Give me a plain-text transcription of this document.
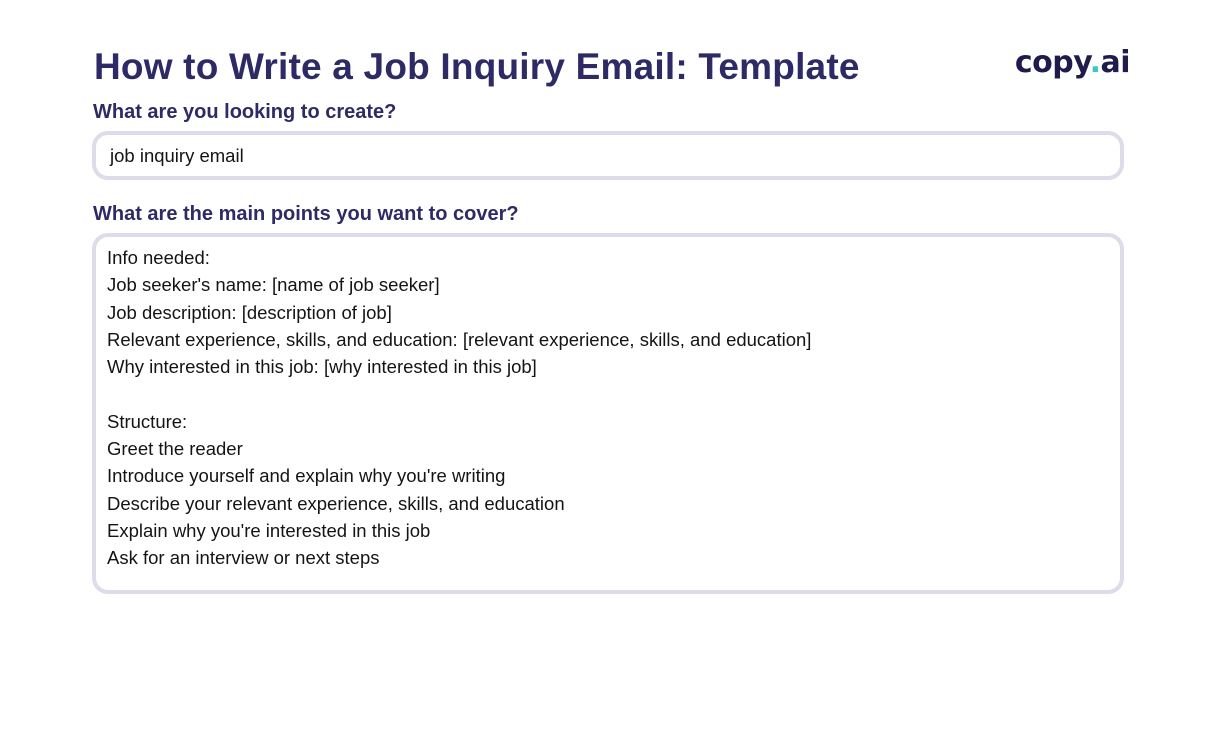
How to Write a Job Inquiry Email: Template	copy.ai
What are you looking to create?
job inquiry email
What are the main points you want to cover?
Info needed:
Job seeker's name: [name of job seeker]
Job description: [description of job]
Relevant experience, skills, and education: [relevant experience, skills, and education]
Why interested in this job: [why interested in this job]
Structure:
Greet the reader
Introduce yourself and explain why you're writing
Describe your relevant experience, skills, and education
Explain why you're interested in this job
Ask for an interview or next steps
